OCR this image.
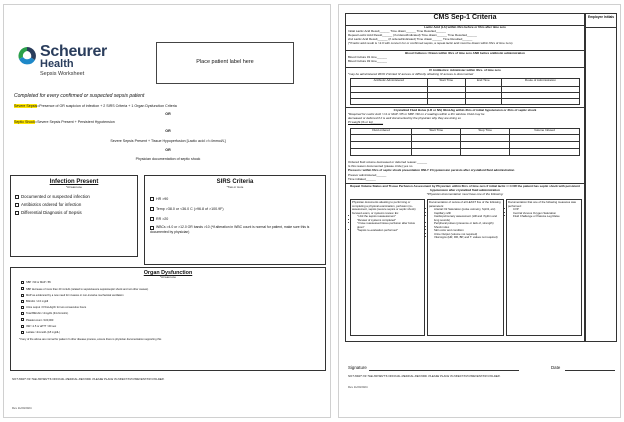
Scheurer
Health
Sepsis Worksheet
Place patient label here
Completed for every confirmed or suspected sepsis patient
Severe Sepsis=Presence of OR suspicion of infection + 2 SIRS Criteria + 1 Organ Dysfunction Criteria
OR
Septic Shock=Severe Sepsis Present + Persistent Hypotension
OR
Severe Sepsis Present + Tissue Hypoperfusion [Lactic acid >/=4mmol/L]
OR
Physician documentation of septic shock
Infection Present
*At least one
Documented or suspected infection
Antibiotics ordered for infection
Differential Diagnosis of Sepsis
SIRS Criteria
*Two or more
HR >90
Temp >38.0 or <36.0 C (>96.8 of >100.9F)
RR >20
WBCs >4.0 or >12.0 OR bands >10 (*if alteration in WBC count is normal for patient, make sure this is documented by physician)
Organ Dysfunction
*At least one
SBP <90 or MAP <65
SBP decrease of more than 40 mmHG (related to sepsis/severe sepsis/septic shock and not other causes)
MAP as evidenced by a new need for invasive or non-invasive mechanical ventilation
Bilirubin >2.0 mg/dl
Urine output <0.5mL/kg/hr for two consecutive hours
Total Bilirubin >2mg/dL (34.2mmol/L)
Platelet count <100,000
INR >1.5 or aPTT >60 sec
Lactate >2mmol/L (18 mg/dL)
*If any of the above are normal for patient r/t other disease process, ensure there is physician documentation supporting this
NOT PART OF THE PATIENT'S OFFICIAL MEDICAL RECORD. PLEASE PLACE IN INFECTION PREVENTION FOLDER.
Rev 11/20/2024
Employee Initials
CMS Sep-1 Criteria
Lactic Acid (LA) within 3hrs before or 6hrs after time zero
Initial Lactic Acid Result______ Time drawn______ Time Resulted______
Repeat Lactic Acid Result______ (if ordered/indicated) Time drawn______ Time Resulted______
2nd Lactic Acid Result______ (if ordered/indicated) Time drawn______ Time Resulted______
(*If lactic acid result is >2.0 with concern for or confirmed sepsis, a repeat lactic acid must be drawn within 6hrs of time zero)
Blood Cultures: Drawn within 3hrs of time zero AND before antibiotic administration
Blood Culture #1 time______
Blood Culture #2 time______
IV Antibiotics: Administer within 3hrs. of time zero
*may be administered IM/IO if limited IV access or difficulty obtaining IV access is documented
Antibiotic Administered	Start Time	End Time	Route of Administration

Crystalloid Fluid Bolus (LR or NS) 30mL/kg within 3hrs of initial hypotension or 3hrs of septic shock
*Required for Lactic Acid >=4 or MAP <65 or SBP <90 on 2 readings within a 3hr window. Fluid may be
decreased or deferred if it is well documented by the physician why they are doing so
Pt weight (lb or kg)______
Fluid ordered	Start Time	Stop Time	Volume Infused

Ordered fluid volume decreased or deferred reason:______
Is this reason documented (please circle) yes no
Pressors: within 6hrs of septic shock presentation ONLY if hypotension persists after crystalloid fluid administration
Pressor administered______
Time initiated______
Repeat Volume Status and Tissue Perfusion Assessment by Physician: within 6hrs of time zero if initial lactic >=4 OR the patient has septic shock with persistent hypotension after crystalloid fluid administration
*Physician documentation must have one of the following:
Physician documents attesting to performing or completing a physical examination, perfusion (re-assessment, sepsis (severe sepsis or septic shock) focused exam, or systems review. Ex:
• "I did the sepsis reassessment"
• "Review of systems completed"
• "I have reassessed tissue perfusion after bolus given"
• "Sepsis re-evaluation performed"
Documentation of review of all LEAST five of the following parameters:
• Arterial O2 Saturation (pulse oximetry, SpO2, etc)
• Capillary refill
• Cardiopulmonary assessment (HR and rhythm and lung sounds)
• Peripheral pulses (presence or lack of, strength)
• Shock index
• Skin color and condition
• Urine Output (volume not required)
• Vital signs (HR, RR, BP, and T: values not required)
Documentation that one of the following measures was performed:
• CVP
• Central Venous Oxygen Saturation
• Fluid Challenge or Passive Leg Raise
Signature	Date
NOT PART OF THE PATIENT'S OFFICIAL MEDICAL RECORD. PLEASE PLACE IN INFECTION PREVENTION FOLDER.
Rev 11/20/2024
